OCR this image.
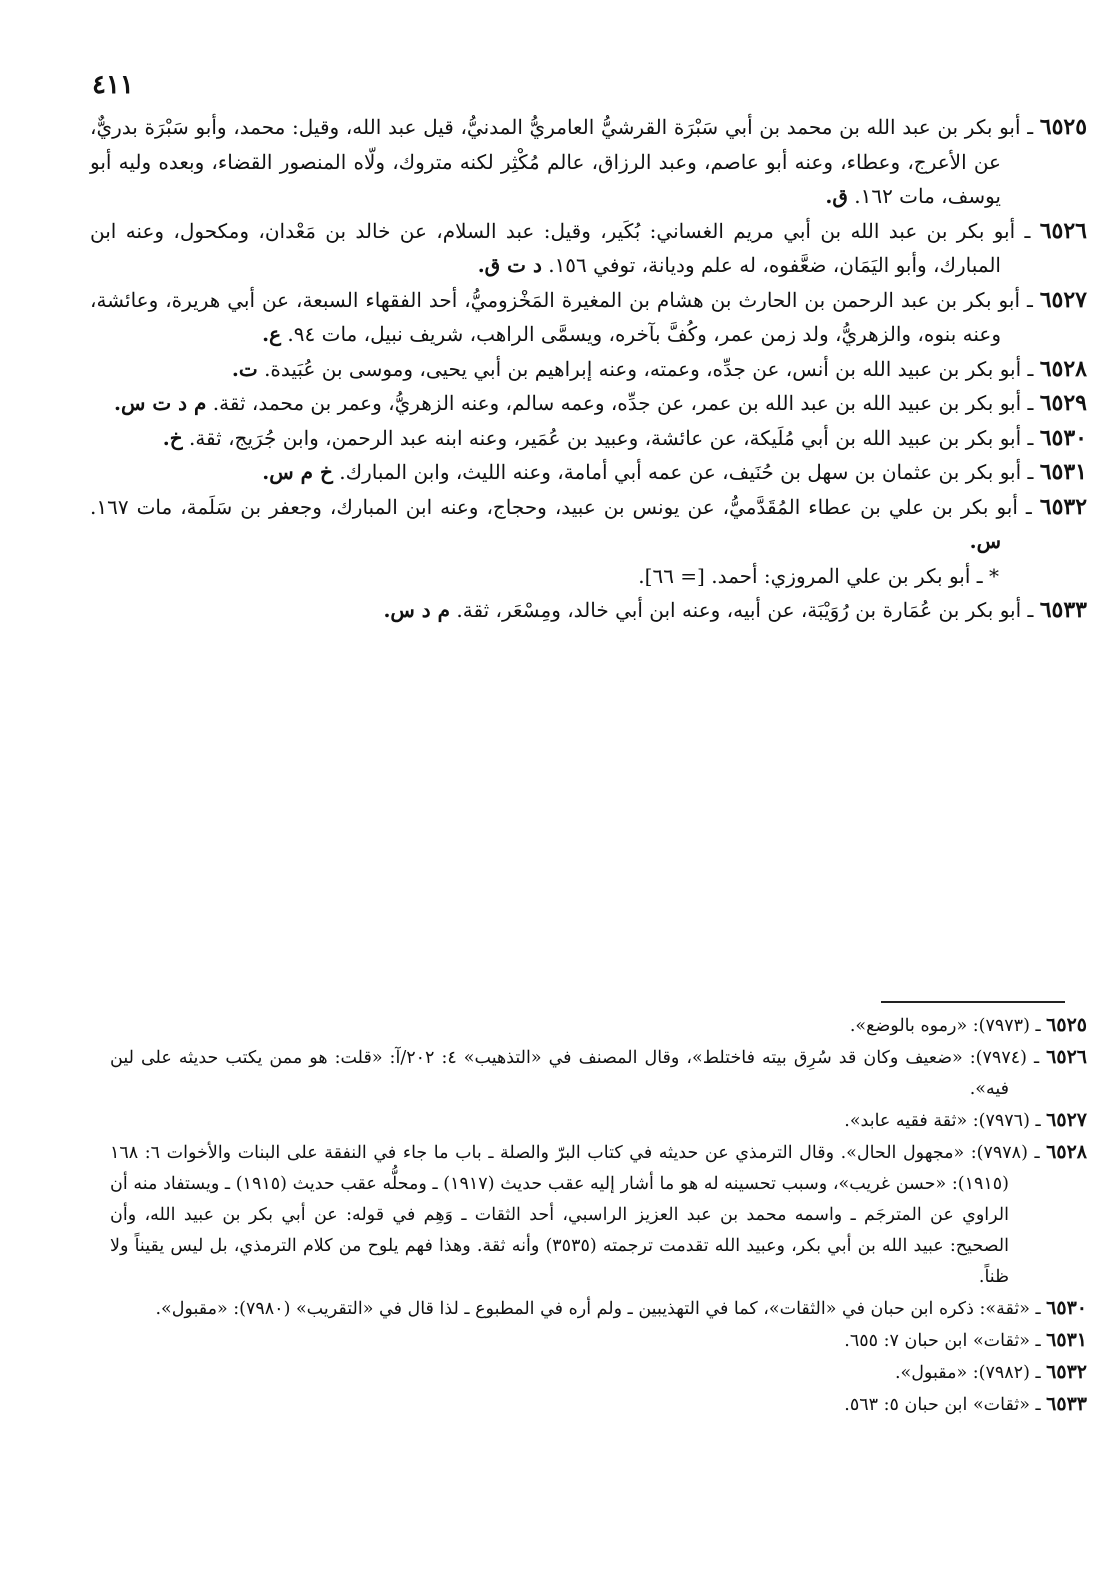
٤١١

٦٥٢٥ ـ أبو بكر بن عبد الله بن محمد بن أبي سَبْرَة القرشيُّ العامريُّ المدنيُّ، قيل عبد الله، وقيل: محمد، وأبو سَبْرَة بدريٌّ، عن الأعرج، وعطاء، وعنه أبو عاصم، وعبد الرزاق، عالم مُكْثِر لكنه متروك، ولّاه المنصور القضاء، وبعده وليه أبو يوسف، مات ١٦٢. ق.

٦٥٢٦ ـ أبو بكر بن عبد الله بن أبي مريم الغساني: بُكَير، وقيل: عبد السلام، عن خالد بن مَعْدان، ومكحول، وعنه ابن المبارك، وأبو اليَمَان، ضعَّفوه، له علم وديانة، توفي ١٥٦. د ت ق.

٦٥٢٧ ـ أبو بكر بن عبد الرحمن بن الحارث بن هشام بن المغيرة المَخْزوميُّ، أحد الفقهاء السبعة، عن أبي هريرة، وعائشة، وعنه بنوه، والزهريُّ، ولد زمن عمر، وكُفَّ بآخره، ويسمَّى الراهب، شريف نبيل، مات ٩٤. ع.

٦٥٢٨ ـ أبو بكر بن عبيد الله بن أنس، عن جدِّه، وعمته، وعنه إبراهيم بن أبي يحيى، وموسى بن عُبَيدة. ت.

٦٥٢٩ ـ أبو بكر بن عبيد الله بن عبد الله بن عمر، عن جدِّه، وعمه سالم، وعنه الزهريُّ، وعمر بن محمد، ثقة. م د ت س.

٦٥٣٠ ـ أبو بكر بن عبيد الله بن أبي مُلَيكة، عن عائشة، وعبيد بن عُمَير، وعنه ابنه عبد الرحمن، وابن جُرَيج، ثقة. خ.

٦٥٣١ ـ أبو بكر بن عثمان بن سهل بن حُنَيف، عن عمه أبي أمامة، وعنه الليث، وابن المبارك. خ م س.

٦٥٣٢ ـ أبو بكر بن علي بن عطاء المُقَدَّميُّ، عن يونس بن عبيد، وحجاج، وعنه ابن المبارك، وجعفر بن سَلَمة، مات ١٦٧. س.

* ـ أبو بكر بن علي المروزي: أحمد. [= ٦٦].

٦٥٣٣ ـ أبو بكر بن عُمَارة بن رُوَيْبَة، عن أبيه، وعنه ابن أبي خالد، ومِسْعَر، ثقة. م د س.

٦٥٢٥ ـ (٧٩٧٣): «رموه بالوضع».

٦٥٢٦ ـ (٧٩٧٤): «ضعيف وكان قد سُرِق بيته فاختلط»، وقال المصنف في «التذهيب» ٤: ٢٠٢/آ: «قلت: هو ممن يكتب حديثه على لين فيه».

٦٥٢٧ ـ (٧٩٧٦): «ثقة فقيه عابد».

٦٥٢٨ ـ (٧٩٧٨): «مجهول الحال». وقال الترمذي عن حديثه في كتاب البرّ والصلة ـ باب ما جاء في النفقة على البنات والأخوات ٦: ١٦٨ (١٩١٥): «حسن غريب»، وسبب تحسينه له هو ما أشار إليه عقب حديث (١٩١٧) ـ ومحلُّه عقب حديث (١٩١٥) ـ ويستفاد منه أن الراوي عن المترجَم ـ واسمه محمد بن عبد العزيز الراسبي، أحد الثقات ـ وَهِم في قوله: عن أبي بكر بن عبيد الله، وأن الصحيح: عبيد الله بن أبي بكر، وعبيد الله تقدمت ترجمته (٣٥٣٥) وأنه ثقة. وهذا فهم يلوح من كلام الترمذي، بل ليس يقيناً ولا ظناً.

٦٥٣٠ ـ «ثقة»: ذكره ابن حبان في «الثقات»، كما في التهذيبين ـ ولم أره في المطبوع ـ لذا قال في «التقريب» (٧٩٨٠): «مقبول».

٦٥٣١ ـ «ثقات» ابن حبان ٧: ٦٥٥.

٦٥٣٢ ـ (٧٩٨٢): «مقبول».

٦٥٣٣ ـ «ثقات» ابن حبان ٥: ٥٦٣.
